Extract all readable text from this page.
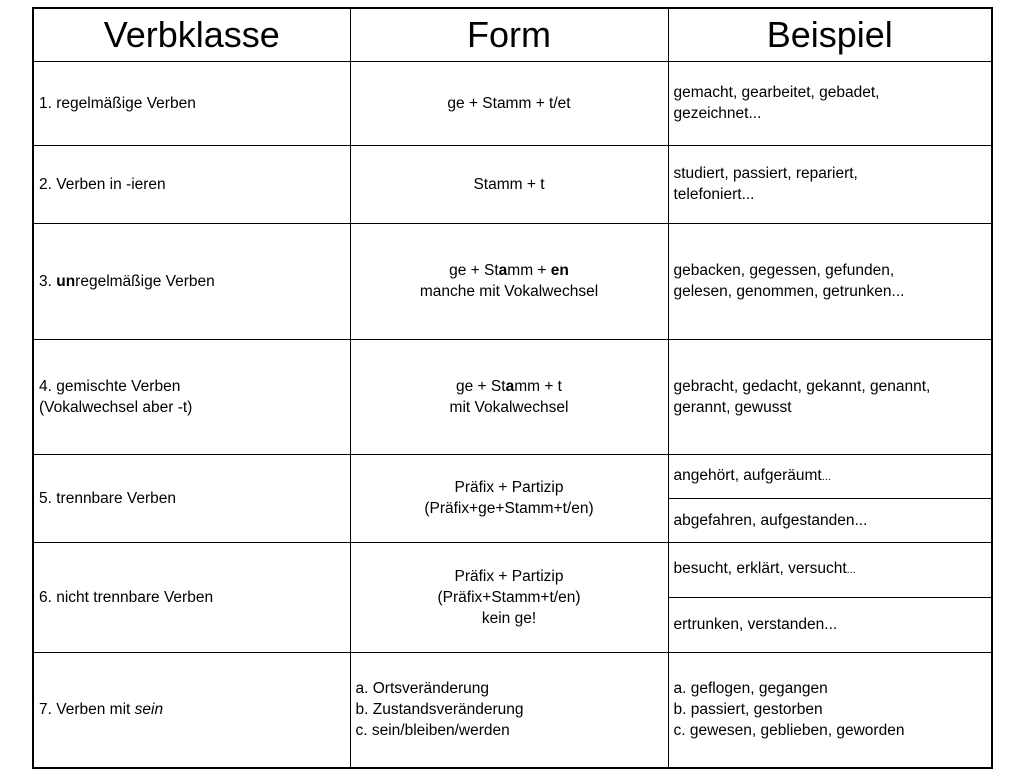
Verbklasse	Form	Beispiel
1. regelmäßige Verben	ge + Stamm + t/et	gemacht, gearbeitet, gebadet,
gezeichnet...

2. Verben in -ieren	Stamm + t	studiert, passiert, repariert,
telefoniert...

3. unregelmäßige Verben	ge + Stamm + en
manche mit Vokalwechsel	gebacken, gegessen, gefunden,
gelesen, genommen, getrunken...

4. gemischte Verben
(Vokalwechsel aber -t)	ge + Stamm + t
mit Vokalwechsel	gebracht, gedacht, gekannt, genannt,
gerannt, gewusst

5. trennbare Verben	Präfix + Partizip
(Präfix+ge+Stamm+t/en)	angehört, aufgeräumt...
		abgefahren, aufgestanden...
6. nicht trennbare Verben	Präfix + Partizip
(Präfix+Stamm+t/en)
kein ge!	besucht, erklärt, versucht...
		ertrunken, verstanden...
7. Verben mit sein	a. Ortsveränderung
b. Zustandsveränderung
c. sein/bleiben/werden	a. geflogen, gegangen
b. passiert, gestorben
c. gewesen, geblieben, geworden
